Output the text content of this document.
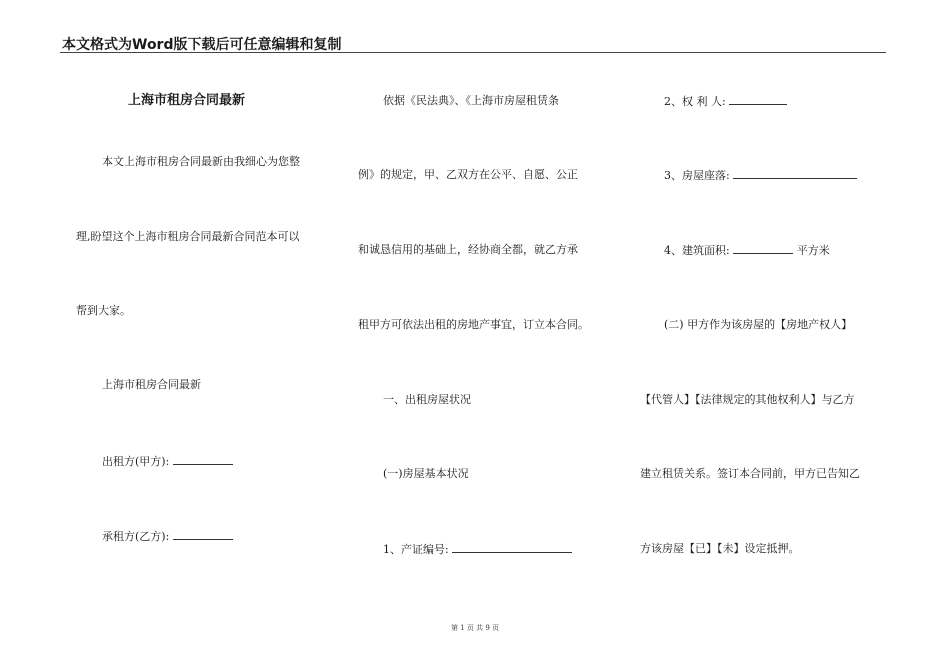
本文格式为Word版下载后可任意编辑和复制
上海市租房合同最新
本文上海市租房合同最新由我细心为您整
理,盼望这个上海市租房合同最新合同范本可以
帮到大家。
上海市租房合同最新
出租方(甲方):
承租方(乙方):
依据《民法典》、《上海市房屋租赁条
例》的规定，甲、乙双方在公平、自愿、公正
和诚恳信用的基础上，经协商全都，就乙方承
租甲方可依法出租的房地产事宜，订立本合同。
一、出租房屋状况
(一)房屋基本状况
1、产证编号:
2、权 利 人:
3、房屋座落:
4、建筑面积:	平方米
(二) 甲方作为该房屋的【房地产权人】
【代管人】【法律规定的其他权利人】与乙方
建立租赁关系。签订本合同前，甲方已告知乙
方该房屋【已】【未】设定抵押。
第 1 页 共 9 页
